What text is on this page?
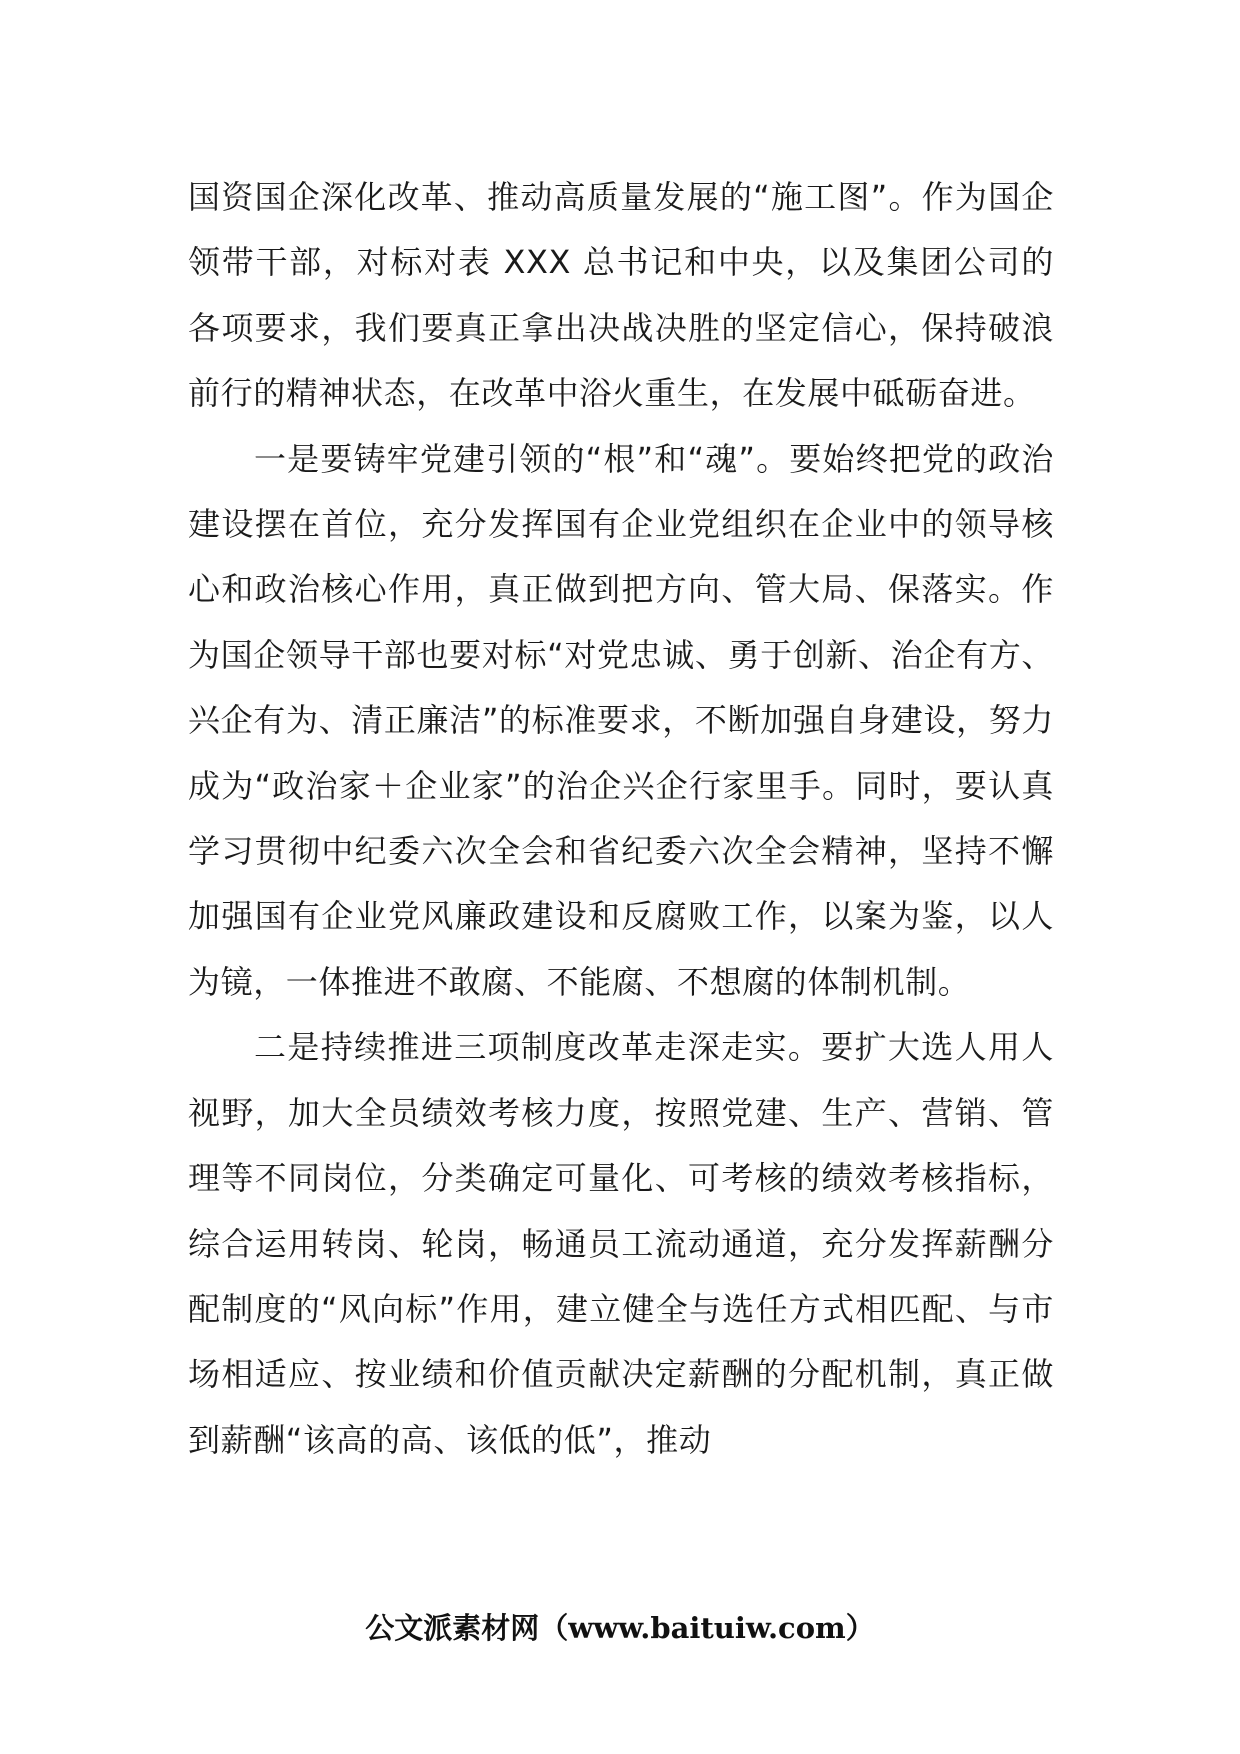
国资国企深化改革、推动高质量发展的“施工图”。作为国企领带干部，对标对表 XXX 总书记和中央，以及集团公司的各项要求，我们要真正拿出决战决胜的坚定信心，保持破浪前行的精神状态，在改革中浴火重生，在发展中砥砺奋进。

一是要铸牢党建引领的“根”和“魂”。要始终把党的政治建设摆在首位，充分发挥国有企业党组织在企业中的领导核心和政治核心作用，真正做到把方向、管大局、保落实。作为国企领导干部也要对标“对党忠诚、勇于创新、治企有方、兴企有为、清正廉洁”的标准要求，不断加强自身建设，努力成为“政治家＋企业家”的治企兴企行家里手。同时，要认真学习贯彻中纪委六次全会和省纪委六次全会精神，坚持不懈加强国有企业党风廉政建设和反腐败工作，以案为鉴，以人为镜，一体推进不敢腐、不能腐、不想腐的体制机制。

二是持续推进三项制度改革走深走实。要扩大选人用人视野，加大全员绩效考核力度，按照党建、生产、营销、管理等不同岗位，分类确定可量化、可考核的绩效考核指标，综合运用转岗、轮岗，畅通员工流动通道，充分发挥薪酬分配制度的“风向标”作用，建立健全与选任方式相匹配、与市场相适应、按业绩和价值贡献决定薪酬的分配机制，真正做到薪酬“该高的高、该低的低”，推动

公文派素材网（www.baituiw.com）
